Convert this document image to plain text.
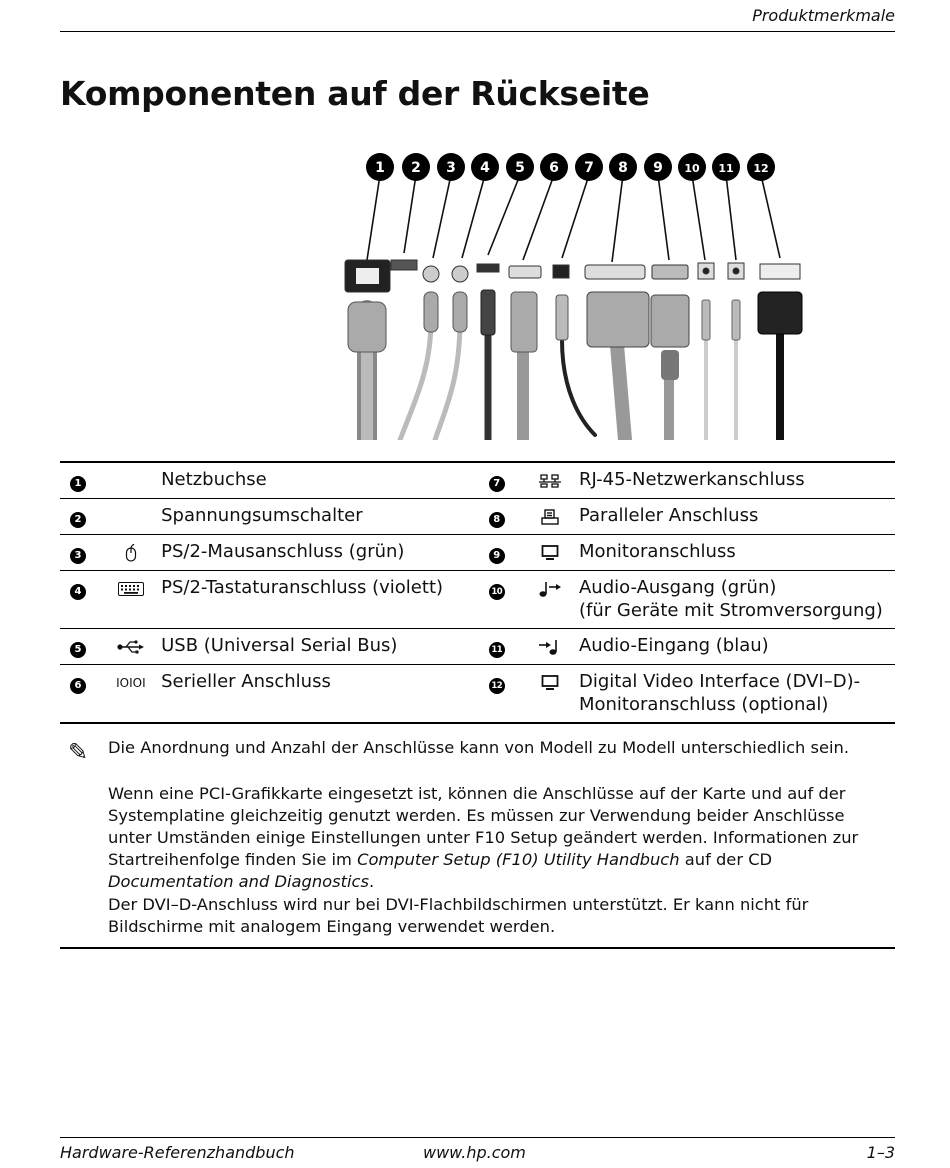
Produktmerkmale
Komponenten auf der Rückseite
1 2 3 4 5 6 7 8 9 10 11 12
1		Netzbuchse	7		RJ-45-Netzwerkanschluss
2		Spannungsumschalter	8		Paralleler Anschluss
3		PS/2-Mausanschluss (grün)	9		Monitoranschluss
4		PS/2-Tastaturanschluss (violett)	10		Audio-Ausgang (grün)
(für Geräte mit Stromversorgung)
5		USB (Universal Serial Bus)	11		Audio-Eingang (blau)
6	IOIOI	Serieller Anschluss	12		Digital Video Interface (DVI–D)-
Monitoranschluss (optional)
✎ Die Anordnung und Anzahl der Anschlüsse kann von Modell zu Modell unterschiedlich sein.

Wenn eine PCI-Grafikkarte eingesetzt ist, können die Anschlüsse auf der Karte und auf der Systemplatine gleichzeitig genutzt werden. Es müssen zur Verwendung beider Anschlüsse unter Umständen einige Einstellungen unter F10 Setup geändert werden. Informationen zur Startreihenfolge finden Sie im Computer Setup (F10) Utility Handbuch auf der CD Documentation and Diagnostics.

Der DVI–D-Anschluss wird nur bei DVI-Flachbildschirmen unterstützt. Er kann nicht für Bildschirme mit analogem Eingang verwendet werden.

Hardware-Referenzhandbuch	www.hp.com	1–3
